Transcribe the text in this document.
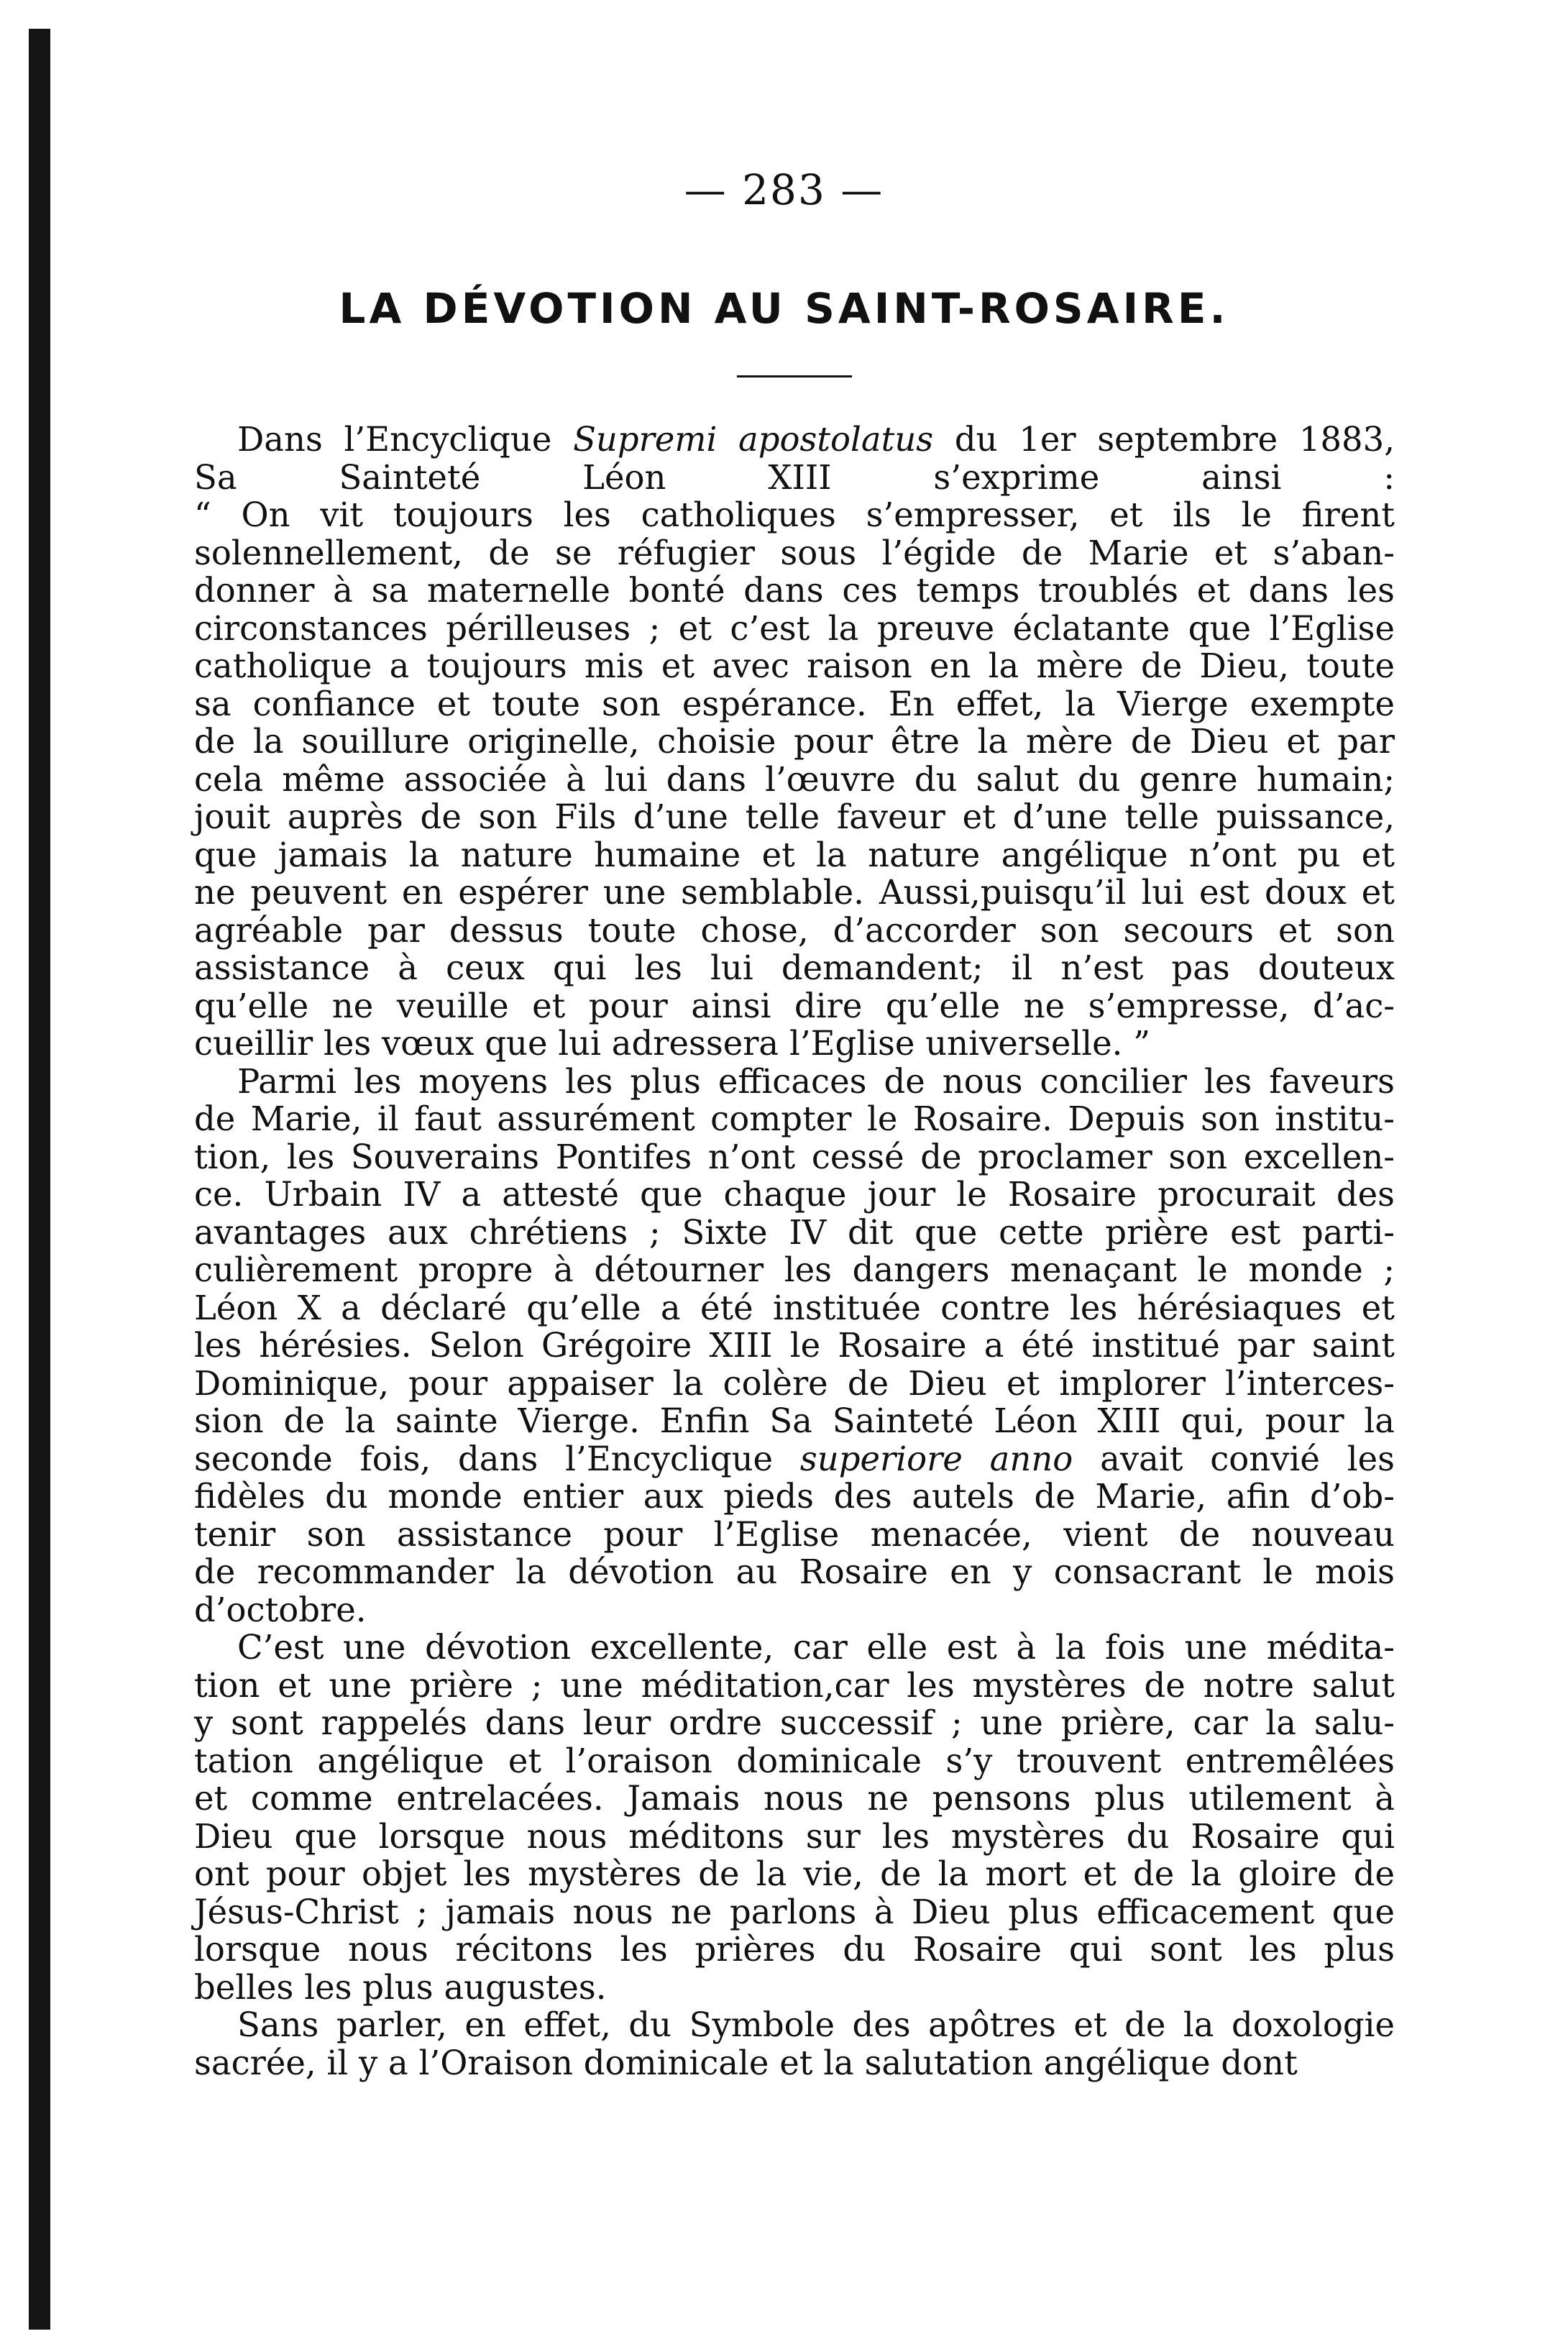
— 283 —
LA DÉVOTION AU SAINT-ROSAIRE.
Dans l’Encyclique Supremi apostolatus du 1er septembre 1883,
Sa Sainteté Léon XIII s’exprime ainsi :
“ On vit toujours les catholiques s’empresser, et ils le firent
solennellement, de se réfugier sous l’égide de Marie et s’aban-
donner à sa maternelle bonté dans ces temps troublés et dans les
circonstances périlleuses ; et c’est la preuve éclatante que l’Eglise
catholique a toujours mis et avec raison en la mère de Dieu, toute
sa confiance et toute son espérance. En effet, la Vierge exempte
de la souillure originelle, choisie pour être la mère de Dieu et par
cela même associée à lui dans l’œuvre du salut du genre humain;
jouit auprès de son Fils d’une telle faveur et d’une telle puissance,
que jamais la nature humaine et la nature angélique n’ont pu et
ne peuvent en espérer une semblable. Aussi,puisqu’il lui est doux et
agréable par dessus toute chose, d’accorder son secours et son
assistance à ceux qui les lui demandent; il n’est pas douteux
qu’elle ne veuille et pour ainsi dire qu’elle ne s’empresse, d’ac-
cueillir les vœux que lui adressera l’Eglise universelle. ”
Parmi les moyens les plus efficaces de nous concilier les faveurs
de Marie, il faut assurément compter le Rosaire. Depuis son institu-
tion, les Souverains Pontifes n’ont cessé de proclamer son excellen-
ce. Urbain IV a attesté que chaque jour le Rosaire procurait des
avantages aux chrétiens ; Sixte IV dit que cette prière est parti-
culièrement propre à détourner les dangers menaçant le monde ;
Léon X a déclaré qu’elle a été instituée contre les hérésiaques et
les hérésies. Selon Grégoire XIII le Rosaire a été institué par saint
Dominique, pour appaiser la colère de Dieu et implorer l’interces-
sion de la sainte Vierge. Enfin Sa Sainteté Léon XIII qui, pour la
seconde fois, dans l’Encyclique superiore anno avait convié les
fidèles du monde entier aux pieds des autels de Marie, afin d’ob-
tenir son assistance pour l’Eglise menacée, vient de nouveau
de recommander la dévotion au Rosaire en y consacrant le mois
d’octobre.
C’est une dévotion excellente, car elle est à la fois une médita-
tion et une prière ; une méditation,car les mystères de notre salut
y sont rappelés dans leur ordre successif ; une prière, car la salu-
tation angélique et l’oraison dominicale s’y trouvent entremêlées
et comme entrelacées. Jamais nous ne pensons plus utilement à
Dieu que lorsque nous méditons sur les mystères du Rosaire qui
ont pour objet les mystères de la vie, de la mort et de la gloire de
Jésus-Christ ; jamais nous ne parlons à Dieu plus efficacement que
lorsque nous récitons les prières du Rosaire qui sont les plus
belles les plus augustes.
Sans parler, en effet, du Symbole des apôtres et de la doxologie
sacrée, il y a l’Oraison dominicale et la salutation angélique dont
